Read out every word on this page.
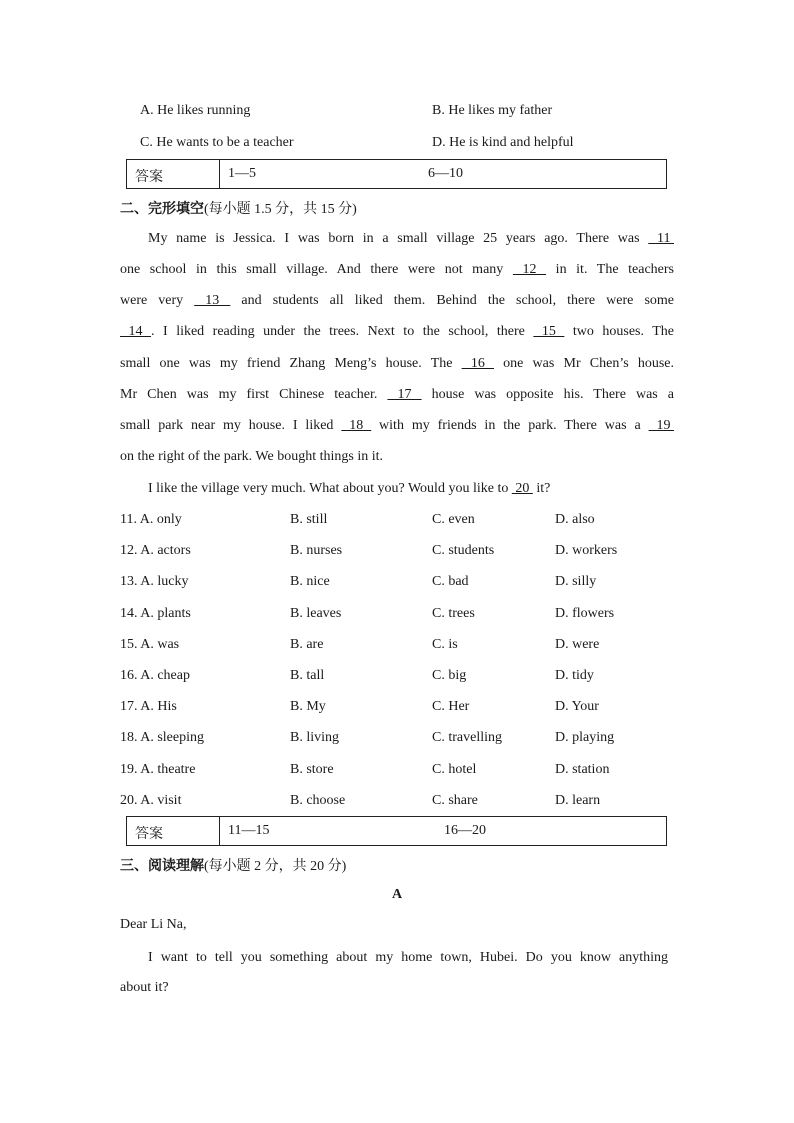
A. He likes running	B. He likes my father
C. He wants to be a teacher	D. He is kind and helpful
答案	1—5	6—10
二、完形填空(每小题 1.5 分，共 15 分)
My name is Jessica. I was born in a small village 25 years ago. There was  11
one school in this small village. And there were not many  12  in it. The teachers
were very  13  and students all liked them. Behind the school, there were some
14 . I liked reading under the trees. Next to the school, there  15  two houses. The
small one was my friend Zhang Meng’s house. The  16  one was Mr Chen’s house.
Mr Chen was my first Chinese teacher.  17  house was opposite his. There was a
small park near my house. I liked  18  with my friends in the park. There was a  19
on the right of the park. We bought things in it.
I like the village very much. What about you? Would you like to  20  it?
11. A. only	B. still	C. even	D. also
12. A. actors	B. nurses	C. students	D. workers
13. A. lucky	B. nice	C. bad	D. silly
14. A. plants	B. leaves	C. trees	D. flowers
15. A. was	B. are	C. is	D. were
16. A. cheap	B. tall	C. big	D. tidy
17. A. His	B. My	C. Her	D. Your
18. A. sleeping	B. living	C. travelling	D. playing
19. A. theatre	B. store	C. hotel	D. station
20. A. visit	B. choose	C. share	D. learn
答案	11—15	16—20
三、阅读理解(每小题 2 分，共 20 分)
A
Dear Li Na,
I want to tell you something about my home town, Hubei. Do you know anything
about it?
